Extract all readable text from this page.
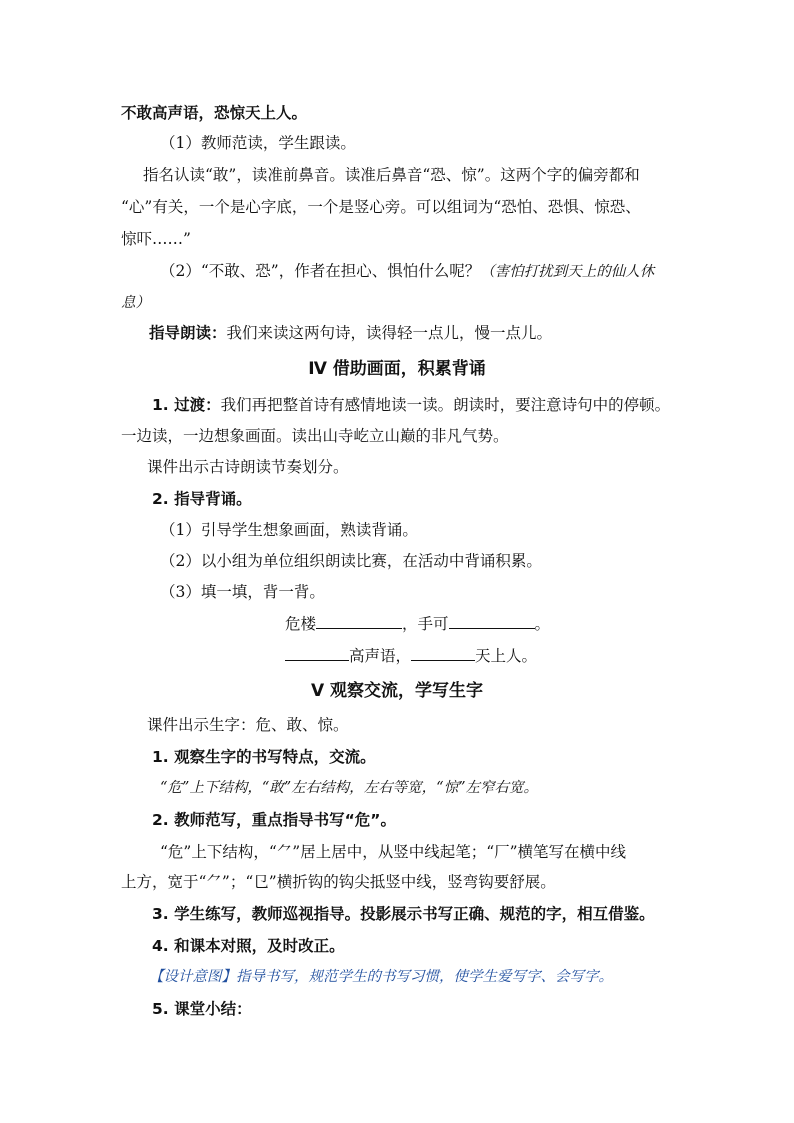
不敢高声语，恐惊天上人。
（1）教师范读，学生跟读。
指名认读“敢”，读准前鼻音。读准后鼻音“恐、惊”。这两个字的偏旁都和
“心”有关，一个是心字底，一个是竖心旁。可以组词为“恐怕、恐惧、惊恐、
惊吓……”
（2）“不敢、恐”，作者在担心、惧怕什么呢？（害怕打扰到天上的仙人休
息）
指导朗读：我们来读这两句诗，读得轻一点儿，慢一点儿。
Ⅳ 借助画面，积累背诵
1. 过渡：我们再把整首诗有感情地读一读。朗读时，要注意诗句中的停顿。
一边读，一边想象画面。读出山寺屹立山巅的非凡气势。
课件出示古诗朗读节奏划分。
2. 指导背诵。
（1）引导学生想象画面，熟读背诵。
（2）以小组为单位组织朗读比赛，在活动中背诵积累。
（3）填一填，背一背。
危楼	，手可	。
高声语，	天上人。
Ⅴ 观察交流，学写生字
课件出示生字：危、敢、惊。
1. 观察生字的书写特点，交流。
“危”上下结构，“敢”左右结构，左右等宽，“惊”左窄右宽。
2. 教师范写，重点指导书写“危”。
“危”上下结构，“⺈”居上居中，从竖中线起笔；“厂”横笔写在横中线
上方，宽于“⺈”；“㔾”横折钩的钩尖抵竖中线，竖弯钩要舒展。
3. 学生练写，教师巡视指导。投影展示书写正确、规范的字，相互借鉴。
4. 和课本对照，及时改正。
【设计意图】指导书写，规范学生的书写习惯，使学生爱写字、会写字。
5. 课堂小结：
